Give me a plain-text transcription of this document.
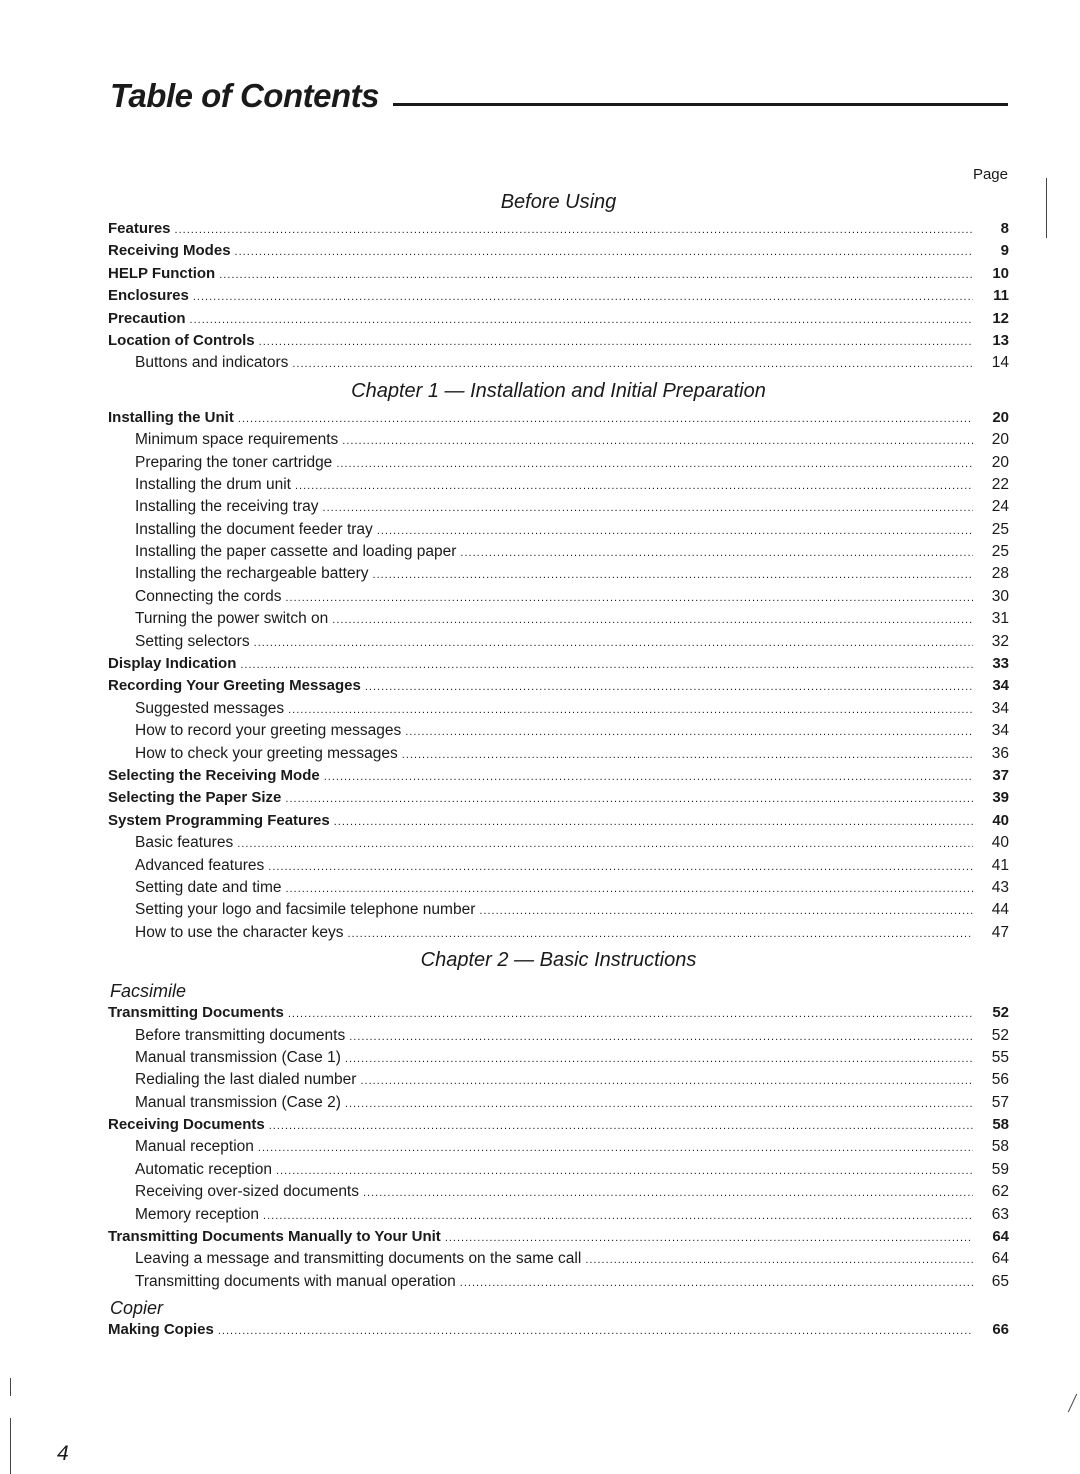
Table of Contents
Page
Before Using
Features .....	8
Receiving Modes .....	9
HELP Function .....	10
Enclosures .....	11
Precaution .....	12
Location of Controls .....	13
Buttons and indicators .....	14
Chapter 1 — Installation and Initial Preparation
Installing the Unit .....	20
Minimum space requirements .....	20
Preparing the toner cartridge .....	20
Installing the drum unit .....	22
Installing the receiving tray .....	24
Installing the document feeder tray .....	25
Installing the paper cassette and loading paper .....	25
Installing the rechargeable battery .....	28
Connecting the cords .....	30
Turning the power switch on .....	31
Setting selectors .....	32
Display Indication .....	33
Recording Your Greeting Messages .....	34
Suggested messages .....	34
How to record your greeting messages .....	34
How to check your greeting messages .....	36
Selecting the Receiving Mode .....	37
Selecting the Paper Size .....	39
System Programming Features .....	40
Basic features .....	40
Advanced features .....	41
Setting date and time .....	43
Setting your logo and facsimile telephone number .....	44
How to use the character keys .....	47
Chapter 2 — Basic Instructions
Facsimile
Transmitting Documents .....	52
Before transmitting documents .....	52
Manual transmission (Case 1) .....	55
Redialing the last dialed number .....	56
Manual transmission (Case 2) .....	57
Receiving Documents .....	58
Manual reception .....	58
Automatic reception .....	59
Receiving over-sized documents .....	62
Memory reception .....	63
Transmitting Documents Manually to Your Unit .....	64
Leaving a message and transmitting documents on the same call .....	64
Transmitting documents with manual operation .....	65
Copier
Making Copies .....	66
4
